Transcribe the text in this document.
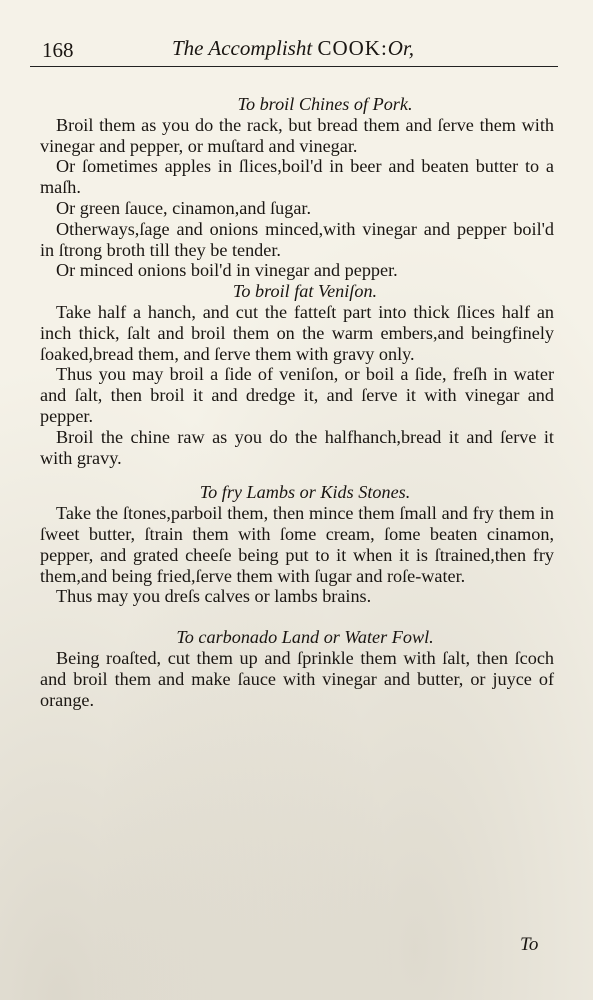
168	The Accomplisht COOK:Or,

To broil Chines of Pork.

Broil them as you do the rack, but bread them and ſerve them with vinegar and pepper, or muſtard and vinegar.

Or ſometimes apples in ſlices,boil'd in beer and beaten butter to a maſh.

Or green ſauce, cinamon,and ſugar.

Otherways,ſage and onions minced,with vinegar and pepper boil'd in ſtrong broth till they be tender.

Or minced onions boil'd in vinegar and pepper.

To broil fat Veniſon.

Take half a hanch, and cut the fatteſt part into thick ſlices half an inch thick, ſalt and broil them on the warm embers,and beingfinely ſoaked,bread them, and ſerve them with gravy only.

Thus you may broil a ſide of veniſon, or boil a ſide, freſh in water and ſalt, then broil it and dredge it, and ſerve it with vinegar and pepper.

Broil the chine raw as you do the halfhanch,bread it and ſerve it with gravy.

To fry Lambs or Kids Stones.

Take the ſtones,parboil them, then mince them ſmall and fry them in ſweet butter, ſtrain them with ſome cream, ſome beaten cinamon, pepper, and grated cheeſe being put to it when it is ſtrained,then fry them,and being fried,ſerve them with ſugar and roſe-water.

Thus may you dreſs calves or lambs brains.

To carbonado Land or Water Fowl.

Being roaſted, cut them up and ſprinkle them with ſalt, then ſcoch and broil them and make ſauce with vinegar and butter, or juyce of orange.

To
